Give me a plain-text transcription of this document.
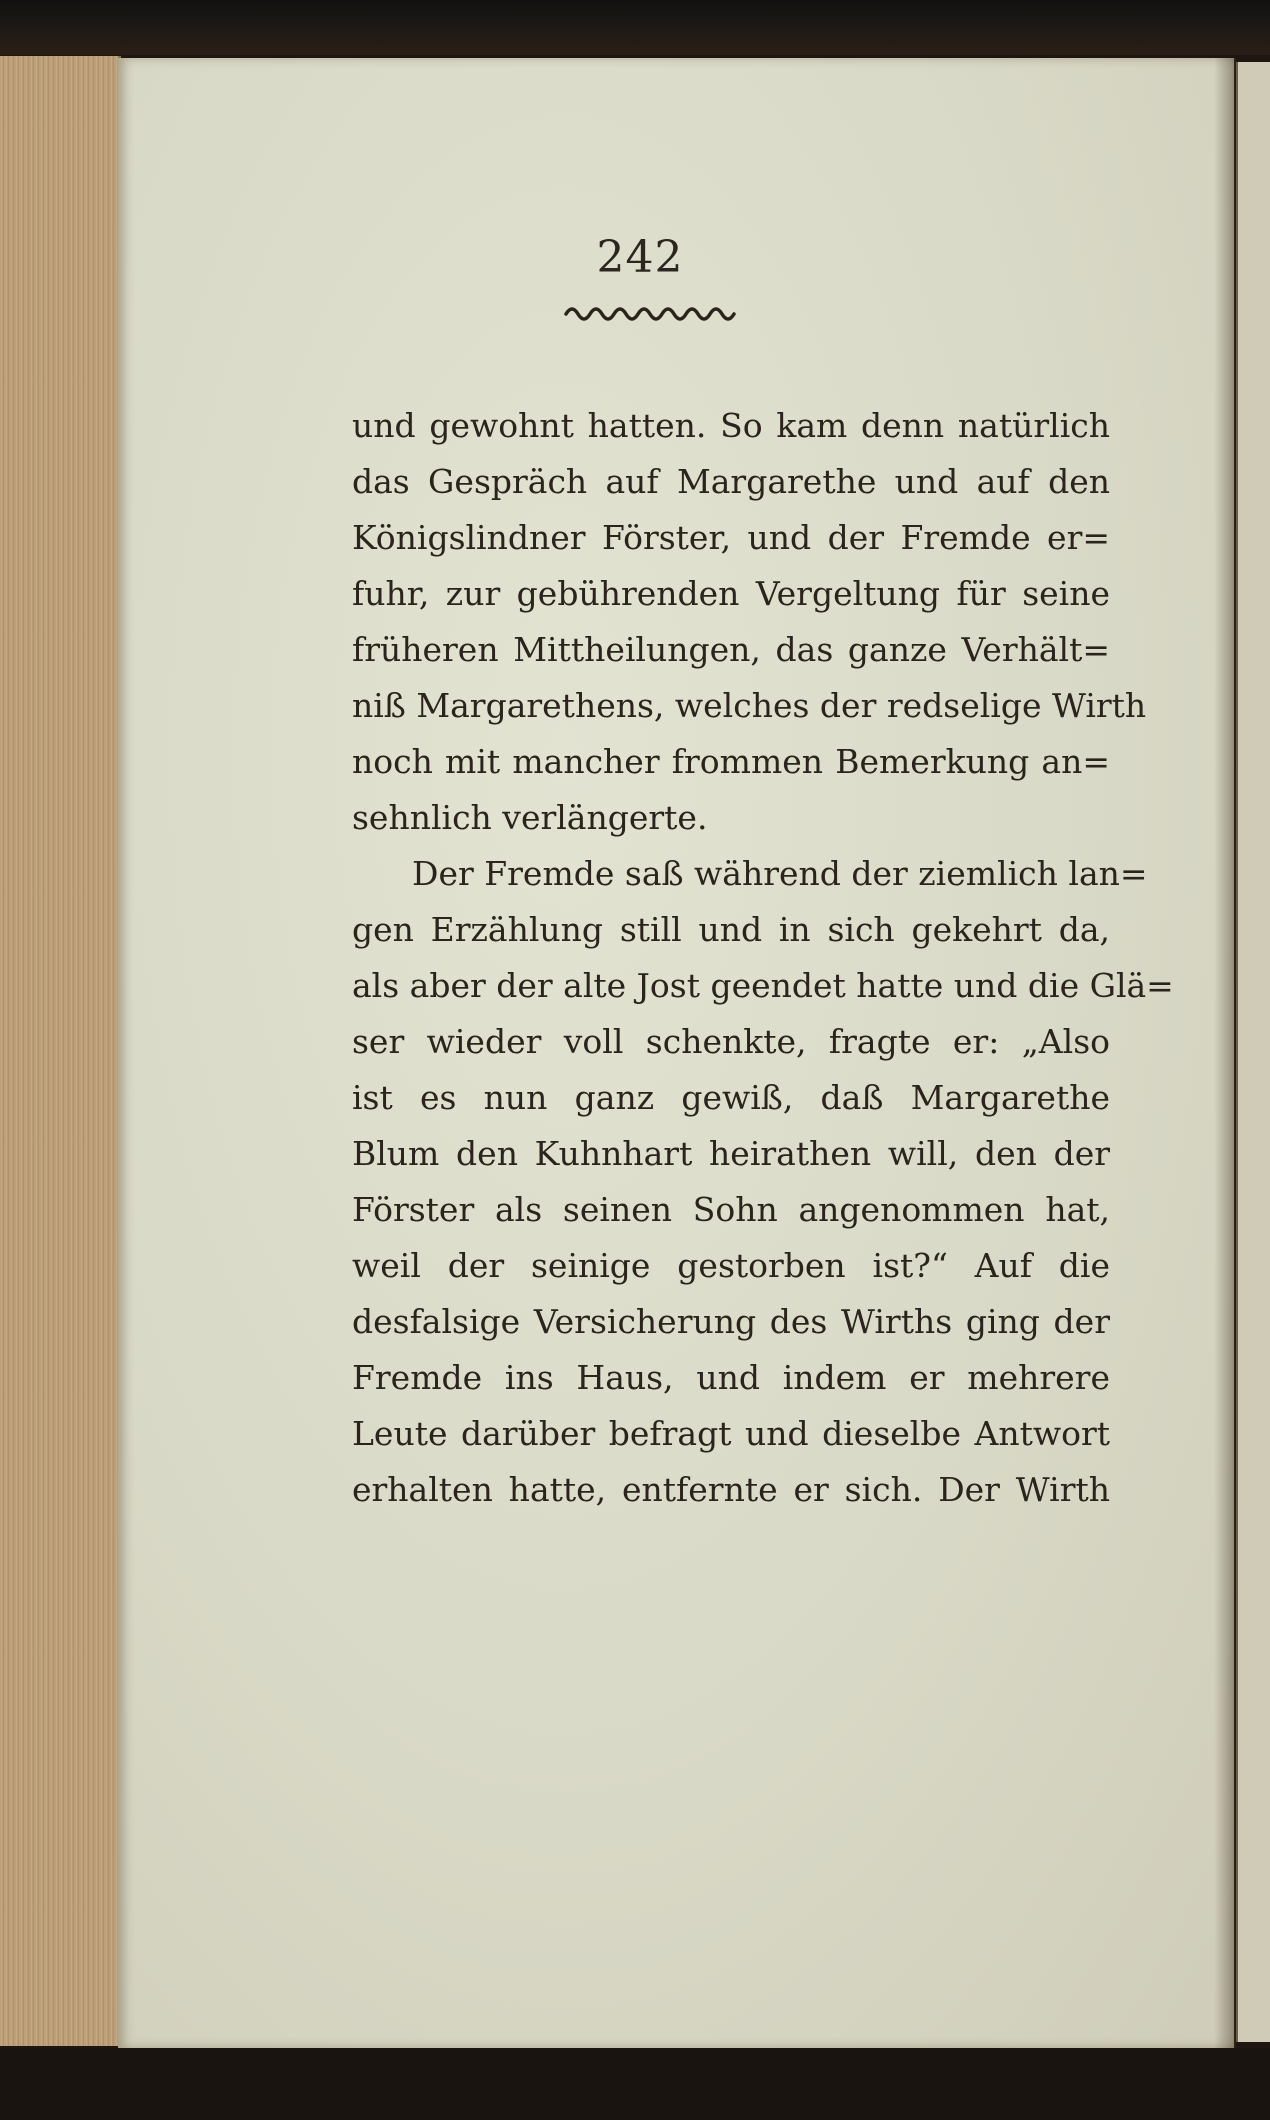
242
und gewohnt hatten. So kam denn natürlich
das Gespräch auf Margarethe und auf den
Königslindner Förster, und der Fremde er=
fuhr, zur gebührenden Vergeltung für seine
früheren Mittheilungen, das ganze Verhält=
niß Margarethens, welches der redselige Wirth
noch mit mancher frommen Bemerkung an=
sehnlich verlängerte.
Der Fremde saß während der ziemlich lan=
gen Erzählung still und in sich gekehrt da,
als aber der alte Jost geendet hatte und die Glä=
ser wieder voll schenkte, fragte er: „Also
ist es nun ganz gewiß, daß Margarethe
Blum den Kuhnhart heirathen will, den der
Förster als seinen Sohn angenommen hat,
weil der seinige gestorben ist?“ Auf die
desfalsige Versicherung des Wirths ging der
Fremde ins Haus, und indem er mehrere
Leute darüber befragt und dieselbe Antwort
erhalten hatte, entfernte er sich. Der Wirth
